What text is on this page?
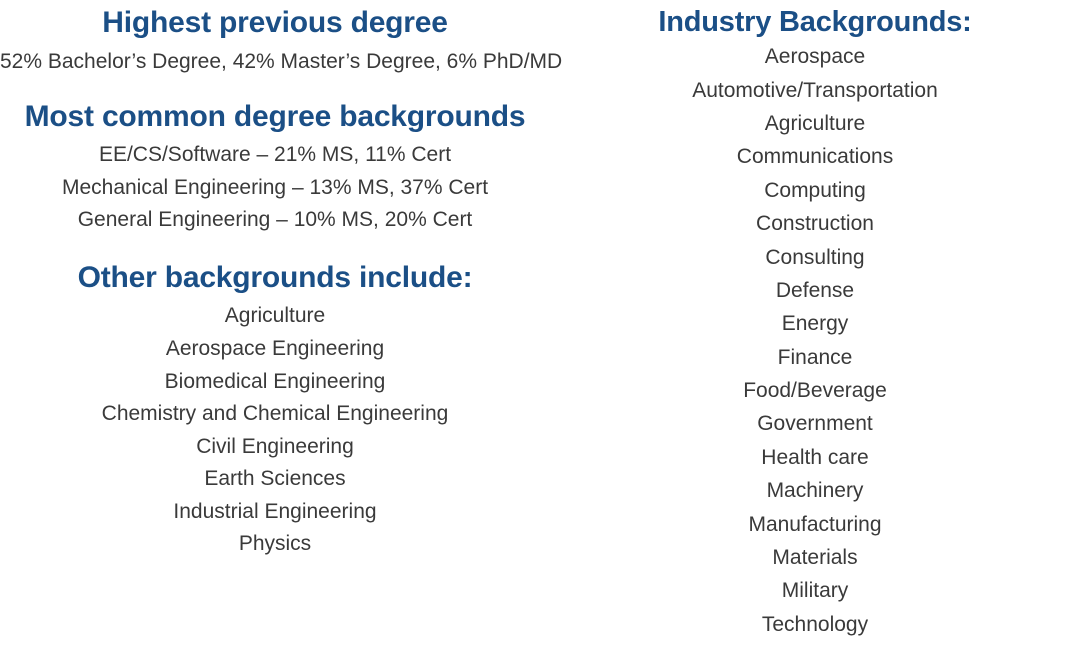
Highest previous degree

52% Bachelor’s Degree, 42% Master’s Degree, 6% PhD/MD

Most common degree backgrounds
EE/CS/Software – 21% MS, 11% Cert
Mechanical Engineering – 13% MS, 37% Cert
General Engineering – 10% MS, 20% Cert
Other backgrounds include:
Agriculture
Aerospace Engineering
Biomedical Engineering
Chemistry and Chemical Engineering
Civil Engineering
Earth Sciences
Industrial Engineering
Physics
Industry Backgrounds:
Aerospace
Automotive/Transportation
Agriculture
Communications
Computing
Construction
Consulting
Defense
Energy
Finance
Food/Beverage
Government
Health care
Machinery
Manufacturing
Materials
Military
Technology
